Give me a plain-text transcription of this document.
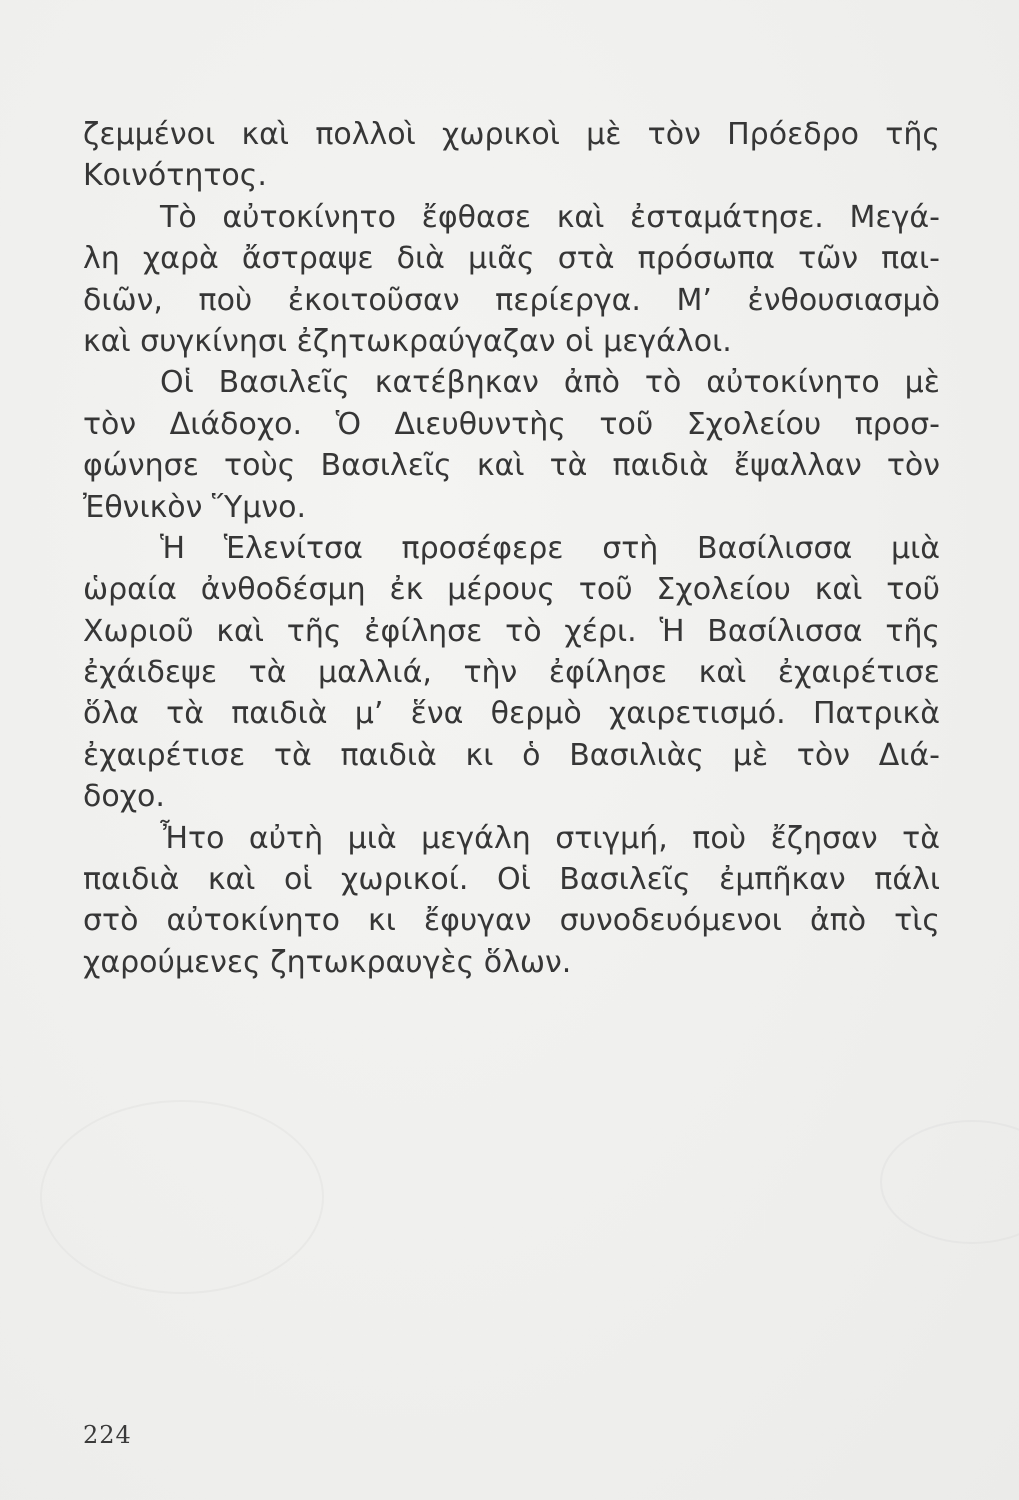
ζεμμένοι καὶ πολλοὶ χωρικοὶ μὲ τὸν Πρόεδρο τῆς
Κοινότητος.
Τὸ αὐτοκίνητο ἔφθασε καὶ ἐσταμάτησε. Μεγά-
λη χαρὰ ἄστραψε διὰ μιᾶς στὰ πρόσωπα τῶν παι-
διῶν, ποὺ ἐκοιτοῦσαν περίεργα. Μ’ ἐνθουσιασμὸ
καὶ συγκίνησι ἐζητωκραύγαζαν οἱ μεγάλοι.
Οἱ Βασιλεῖς κατέβηκαν ἀπὸ τὸ αὐτοκίνητο μὲ
τὸν Διάδοχο. Ὁ Διευθυντὴς τοῦ Σχολείου προσ-
φώνησε τοὺς Βασιλεῖς καὶ τὰ παιδιὰ ἔψαλλαν τὸν
Ἐθνικὸν Ὕμνο.
Ἡ Ἑλενίτσα προσέφερε στὴ Βασίλισσα μιὰ
ὡραία ἀνθοδέσμη ἐκ μέρους τοῦ Σχολείου καὶ τοῦ
Χωριοῦ καὶ τῆς ἐφίλησε τὸ χέρι. Ἡ Βασίλισσα τῆς
ἐχάιδεψε τὰ μαλλιά, τὴν ἐφίλησε καὶ ἐχαιρέτισε
ὅλα τὰ παιδιὰ μ’ ἕνα θερμὸ χαιρετισμό. Πατρικὰ
ἐχαιρέτισε τὰ παιδιὰ κι ὁ Βασιλιὰς μὲ τὸν Διά-
δοχο.
Ἦτο αὐτὴ μιὰ μεγάλη στιγμή, ποὺ ἔζησαν τὰ
παιδιὰ καὶ οἱ χωρικοί. Οἱ Βασιλεῖς ἐμπῆκαν πάλι
στὸ αὐτοκίνητο κι ἔφυγαν συνοδευόμενοι ἀπὸ τὶς
χαρούμενες ζητωκραυγὲς ὅλων.
224
